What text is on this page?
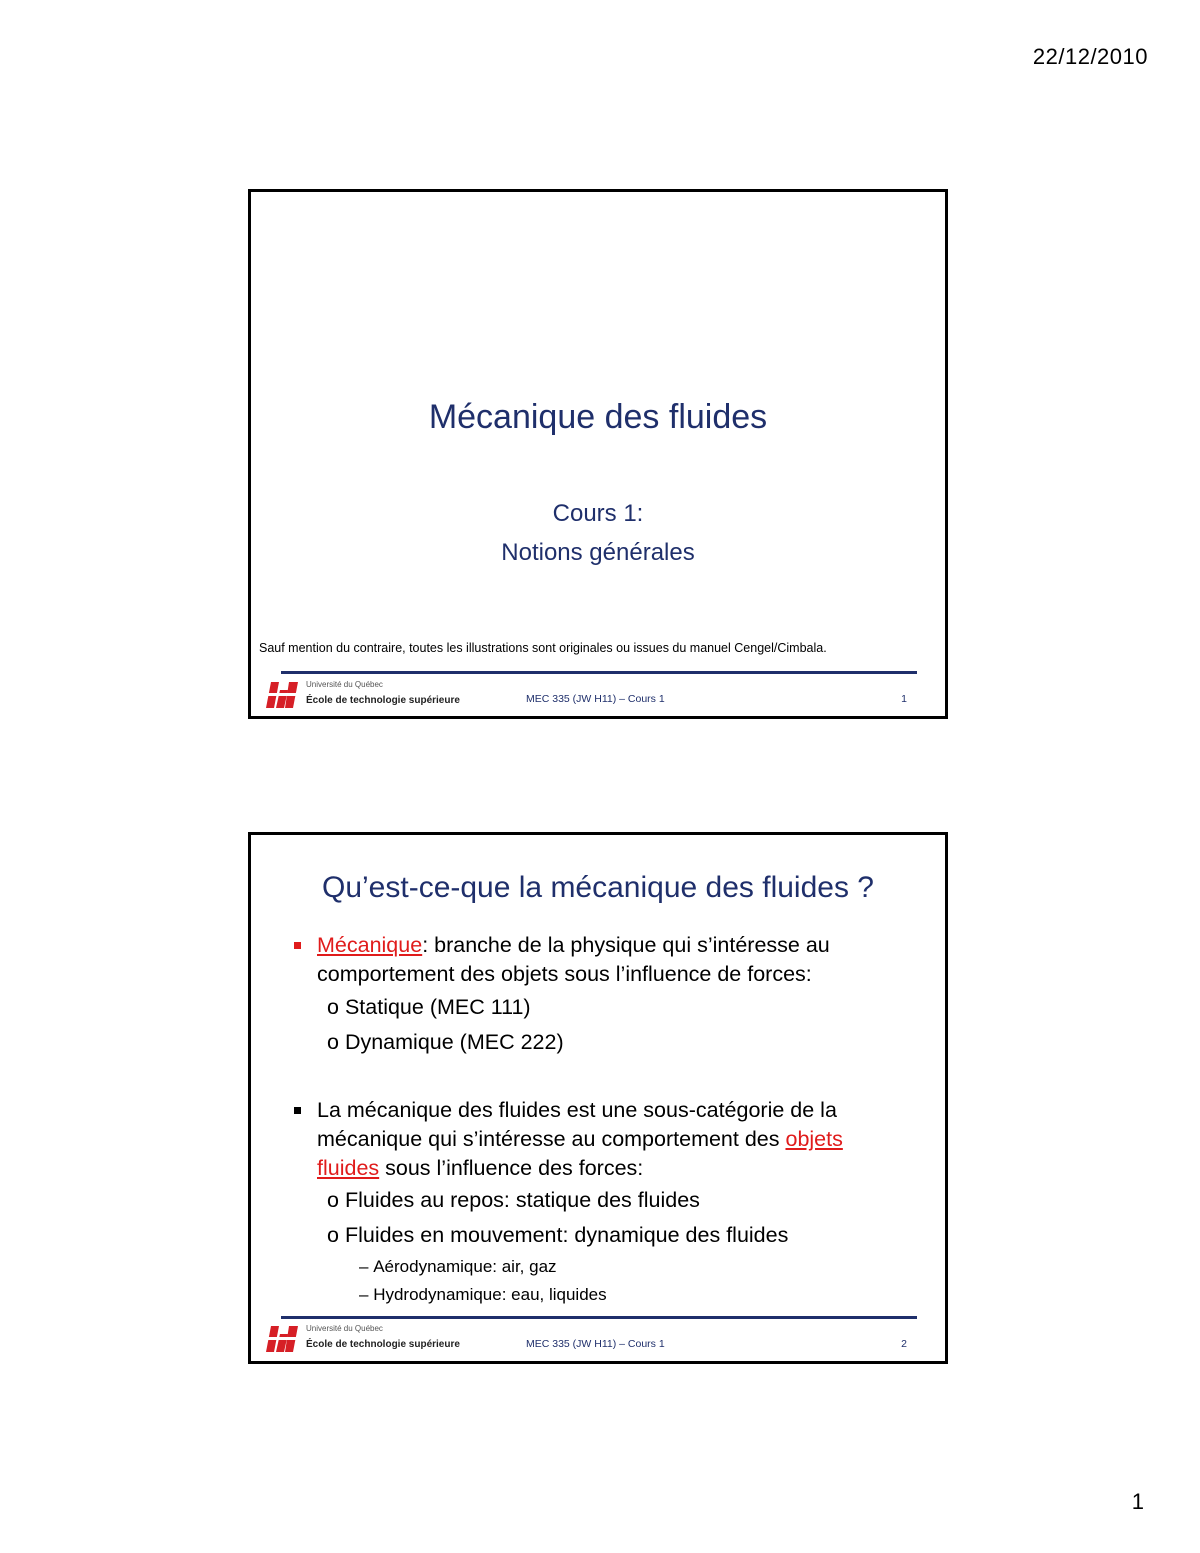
22/12/2010
Mécanique des fluides
Cours 1:
Notions générales
Sauf mention du contraire, toutes les illustrations sont originales ou issues du manuel Cengel/Cimbala.
Université du Québec
École de technologie supérieure	MEC 335 (JW H11) – Cours 1	1
Qu’est-ce-que la mécanique des fluides ?
Mécanique: branche de la physique qui s’intéresse au
comportement des objets sous l’influence de forces:
o Statique (MEC 111)
o Dynamique (MEC 222)
La mécanique des fluides est une sous-catégorie de la
mécanique qui s’intéresse au comportement des objets
fluides sous l’influence des forces:
o Fluides au repos: statique des fluides
o Fluides en mouvement: dynamique des fluides
– Aérodynamique: air, gaz
– Hydrodynamique: eau, liquides
Université du Québec
École de technologie supérieure	MEC 335 (JW H11) – Cours 1	2
1
